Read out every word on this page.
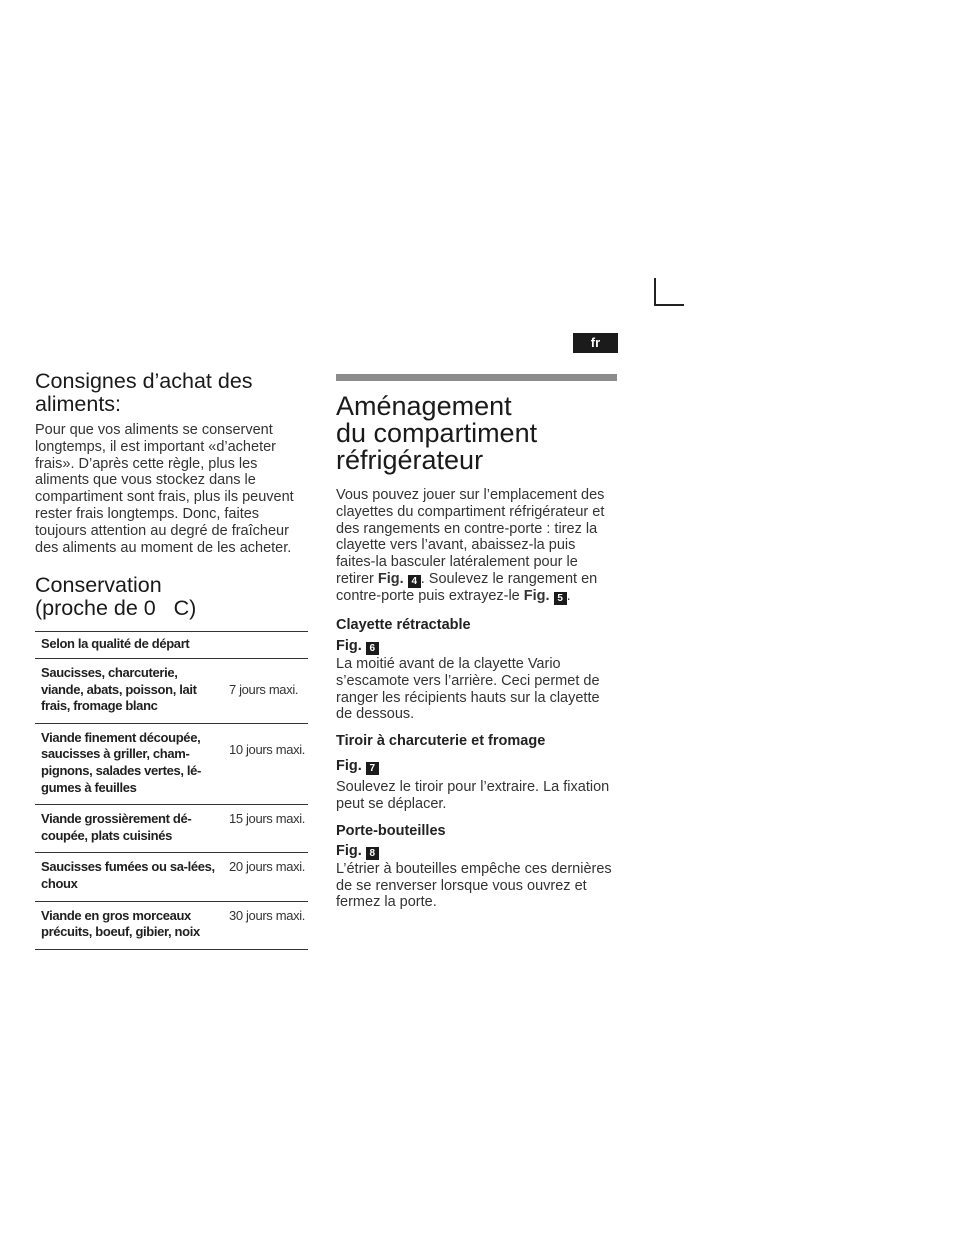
fr
Consignes d’achat des aliments:

Pour que vos aliments se conservent longtemps, il est important «d’acheter frais». D’après cette règle, plus les aliments que vous stockez dans le compartiment sont frais, plus ils peuvent rester frais longtemps. Donc, faites toujours attention au degré de fraîcheur des aliments au moment de les acheter.

Conservation
(proche de 0   C)
Selon la qualité de départ	
Saucisses, charcuterie, viande, abats, poisson, lait frais, fromage blanc	7 jours maxi.
Viande finement découpée, saucisses à griller, cham-pignons, salades vertes, lé-gumes à feuilles	10 jours maxi.
Viande grossièrement dé-coupée, plats cuisinés	15 jours maxi.
Saucisses fumées ou sa-lées, choux	20 jours maxi.
Viande en gros morceaux précuits, boeuf, gibier, noix	30 jours maxi.
Aménagement
du compartiment
réfrigérateur

Vous pouvez jouer sur l’emplacement des clayettes du compartiment réfrigérateur et des rangements en contre-porte : tirez la clayette vers l’avant, abaissez-la puis faites-la basculer latéralement pour le retirer Fig. 4 . Soulevez le rangement en contre-porte puis extrayez-le Fig. 5 .

Clayette rétractable

Fig. 6

La moitié avant de la clayette Vario s’escamote vers l’arrière. Ceci permet de ranger les récipients hauts sur la clayette de dessous.

Tiroir à charcuterie et fromage

Fig. 7

Soulevez le tiroir pour l’extraire. La fixation peut se déplacer.

Porte-bouteilles

Fig. 8

L’étrier à bouteilles empêche ces dernières de se renverser lorsque vous ouvrez et fermez la porte.
